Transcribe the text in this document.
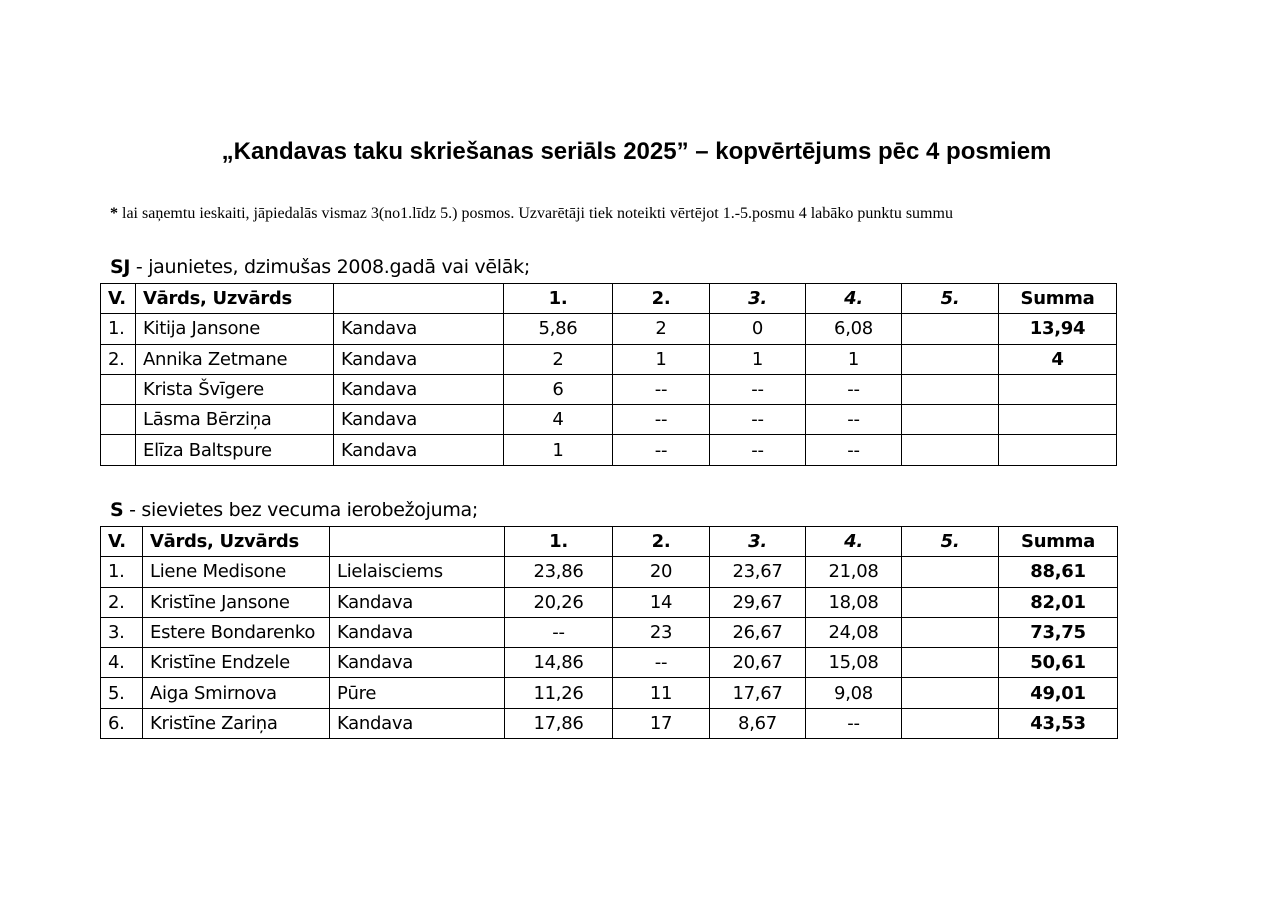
„Kandavas taku skriešanas seriāls 2025” – kopvērtējums pēc 4 posmiem
* lai saņemtu ieskaiti, jāpiedalās vismaz 3(no1.līdz 5.) posmos. Uzvarētāji tiek noteikti vērtējot 1.-5.posmu 4 labāko punktu summu
SJ - jaunietes, dzimušas 2008.gadā vai vēlāk;
V.	Vārds, Uzvārds		1.	2.	3.	4.	5.	Summa
1.	Kitija Jansone	Kandava	5,86	2	0	6,08		13,94
2.	Annika Zetmane	Kandava	2	1	1	1		4
	Krista Švīgere	Kandava	6	--	--	--		
	Lāsma Bērziņa	Kandava	4	--	--	--		
	Elīza Baltspure	Kandava	1	--	--	--		
S - sievietes bez vecuma ierobežojuma;
V.	Vārds, Uzvārds		1.	2.	3.	4.	5.	Summa
1.	Liene Medisone	Lielaisciems	23,86	20	23,67	21,08		88,61
2.	Kristīne Jansone	Kandava	20,26	14	29,67	18,08		82,01
3.	Estere Bondarenko	Kandava	--	23	26,67	24,08		73,75
4.	Kristīne Endzele	Kandava	14,86	--	20,67	15,08		50,61
5.	Aiga Smirnova	Pūre	11,26	11	17,67	9,08		49,01
6.	Kristīne Zariņa	Kandava	17,86	17	8,67	--		43,53
